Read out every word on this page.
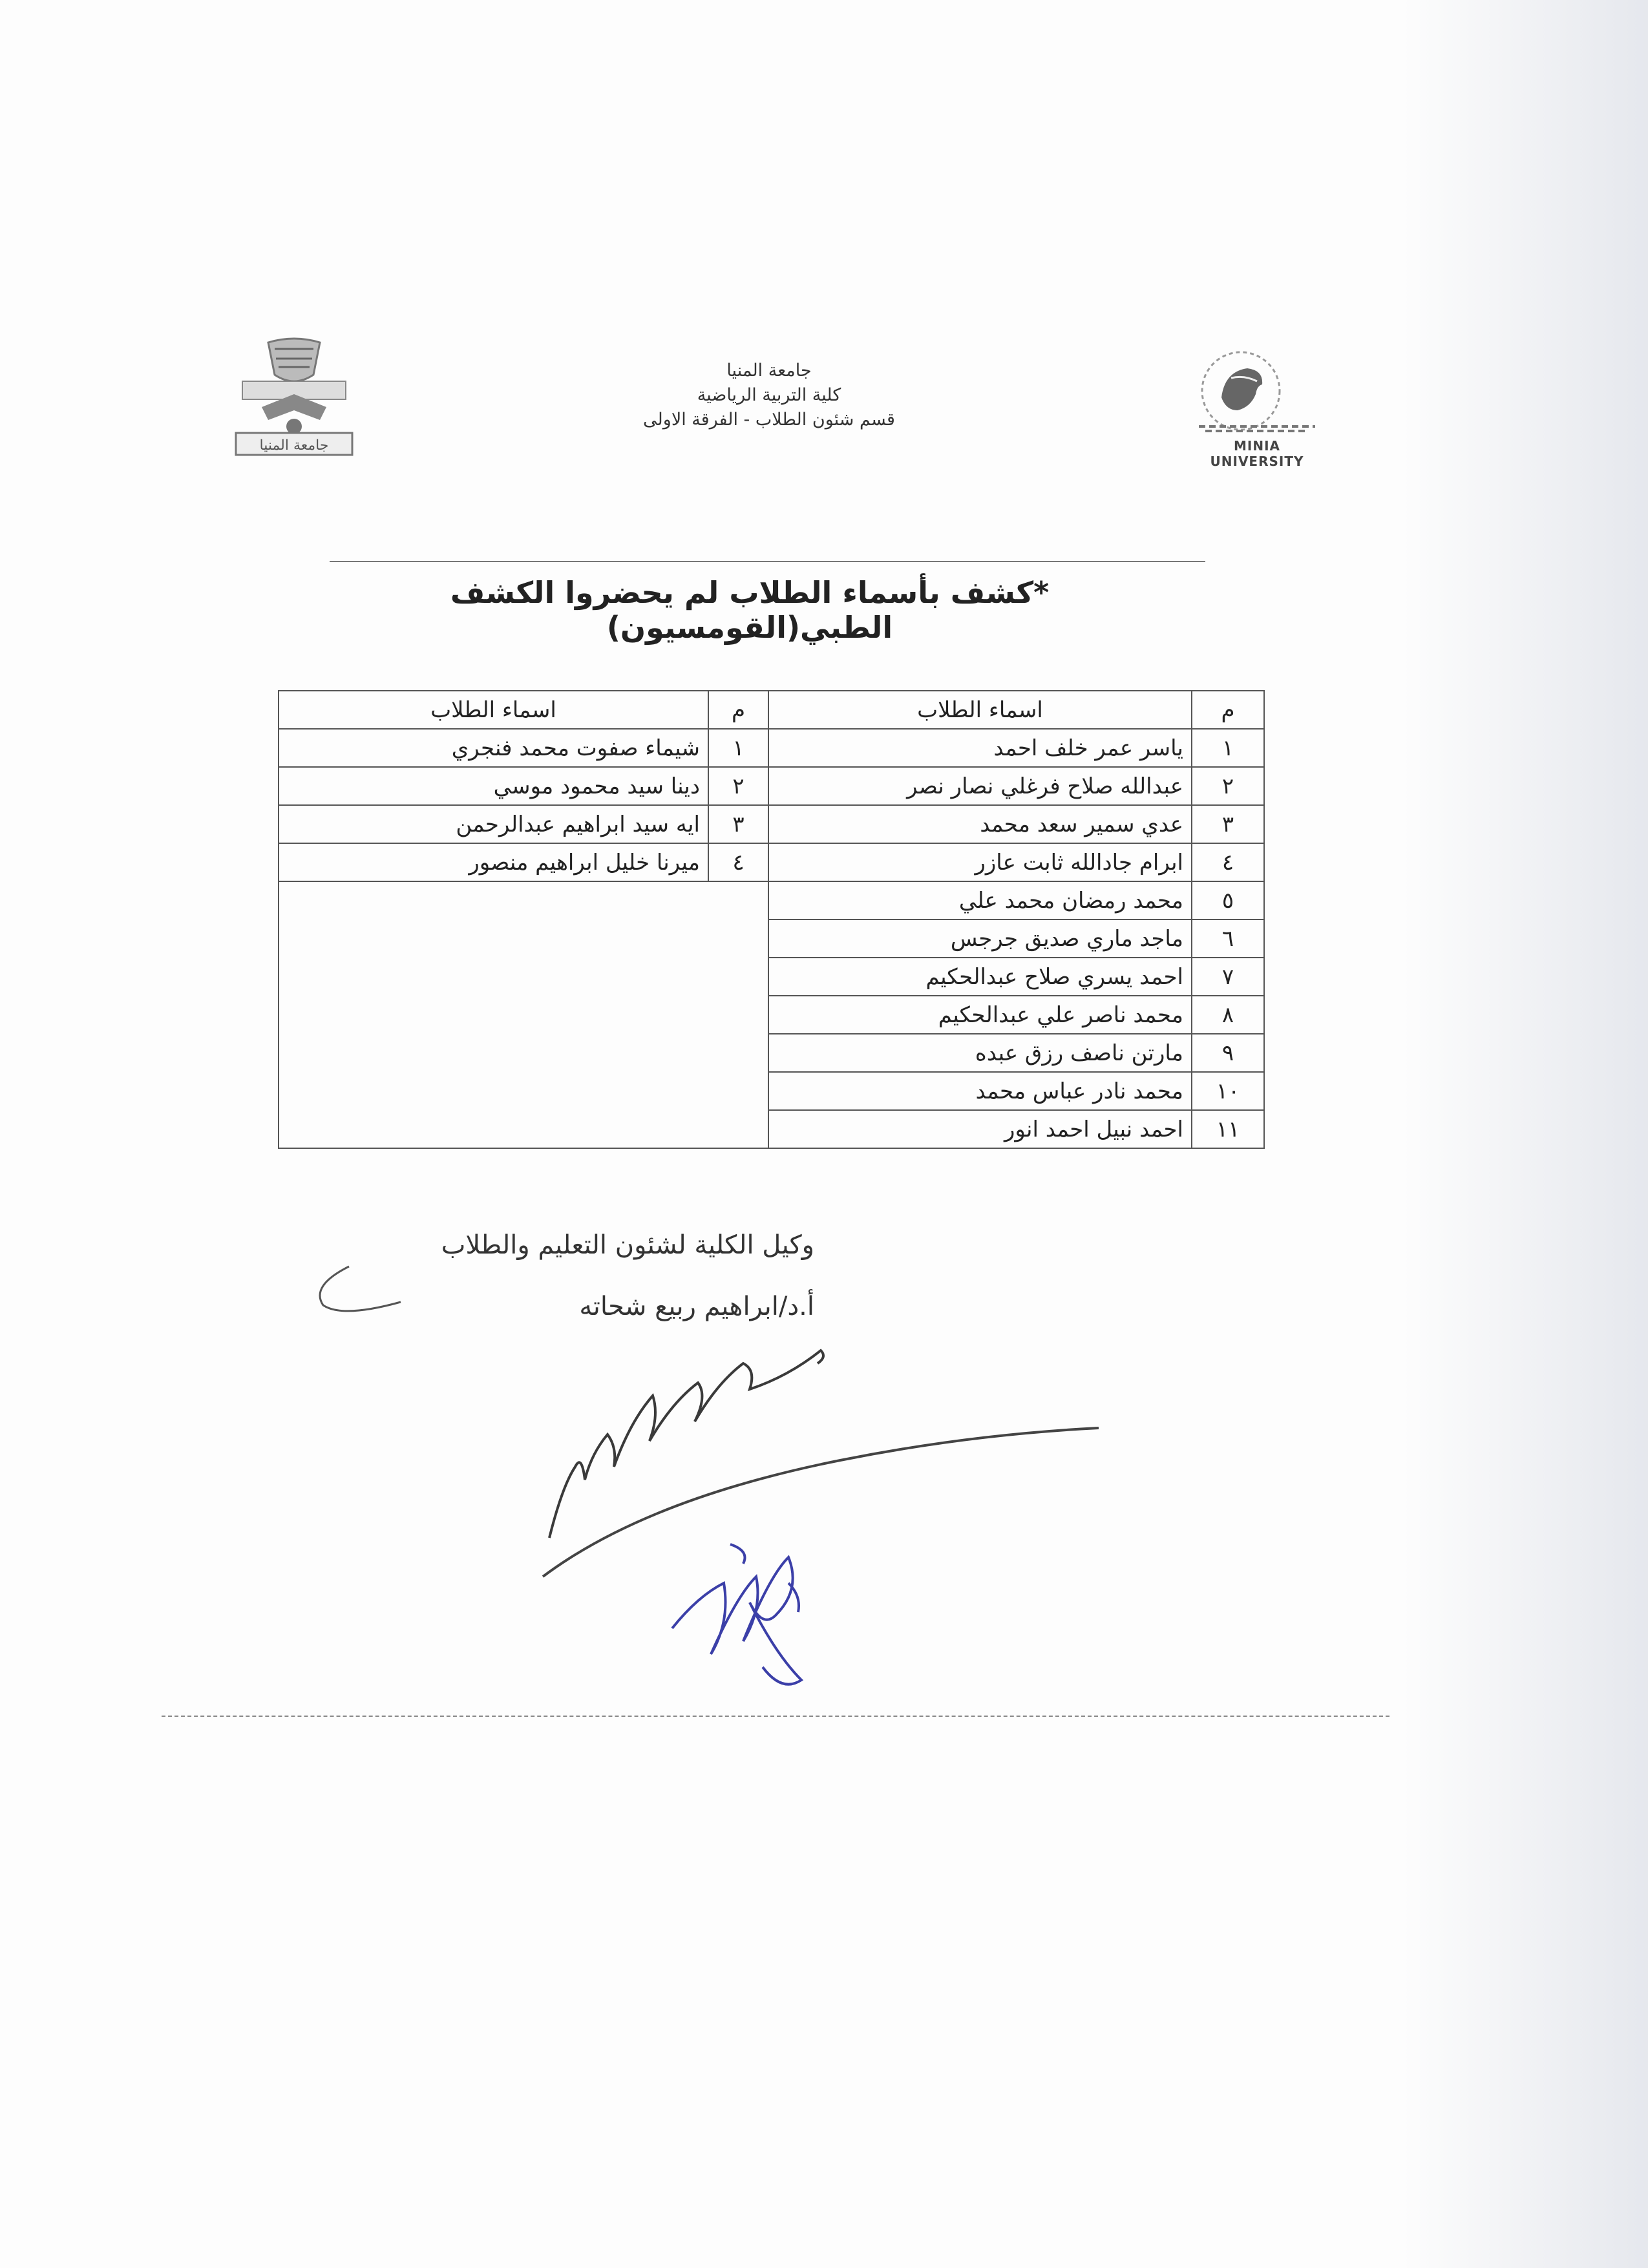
جامعة المنيا	MINIA UNIVERSITY
جامعة المنيا
كلية التربية الرياضية
قسم شئون الطلاب - الفرقة الاولى
*كشف بأسماء الطلاب لم يحضروا الكشف الطبي(القومسيون)
م	اسماء الطلاب	م	اسماء الطلاب
١	ياسر عمر خلف احمد	١	شيماء صفوت محمد فنجري
٢	عبدالله صلاح فرغلي نصار نصر	٢	دينا سيد محمود موسي
٣	عدي سمير سعد محمد	٣	ايه سيد ابراهيم عبدالرحمن
٤	ابرام جادالله ثابت عازر	٤	ميرنا خليل ابراهيم منصور
٥	محمد رمضان محمد علي		
٦	ماجد ماري صديق جرجس		
٧	احمد يسري صلاح عبدالحكيم		
٨	محمد ناصر علي عبدالحكيم		
٩	مارتن ناصف رزق عبده		
١٠	محمد نادر عباس محمد		
١١	احمد نبيل احمد انور		
وكيل الكلية لشئون التعليم والطلاب
أ.د/ابراهيم ربيع شحاته
